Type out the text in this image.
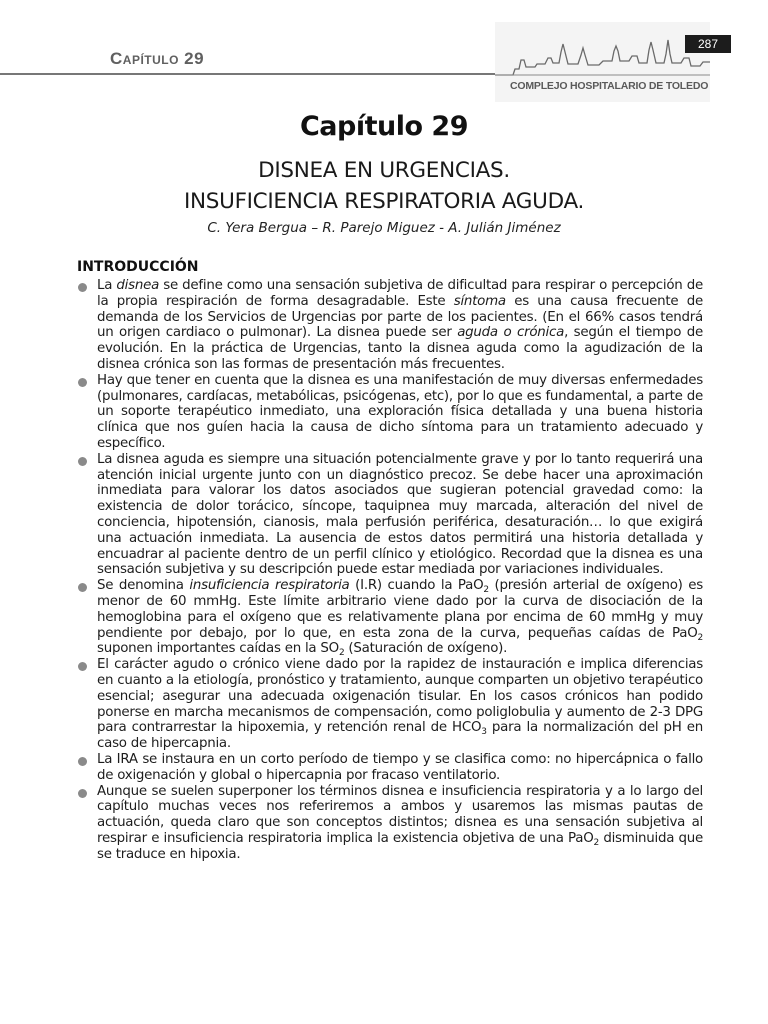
Capítulo 29
287
COMPLEJO HOSPITALARIO DE TOLEDO
Capítulo 29
DISNEA EN URGENCIAS.
INSUFICIENCIA RESPIRATORIA AGUDA.
C. Yera Bergua – R. Parejo Miguez - A. Julián Jiménez
INTRODUCCIÓN
La disnea se define como una sensación subjetiva de dificultad para respirar o percepción de la propia respiración de forma desagradable. Este síntoma es una causa frecuente de demanda de los Servicios de Urgencias por parte de los pacientes. (En el 66% casos tendrá un origen cardiaco o pulmonar). La disnea puede ser aguda o crónica, según el tiempo de evolución. En la práctica de Urgencias, tanto la disnea aguda como la agudización de la disnea crónica son las formas de presentación más frecuentes.
Hay que tener en cuenta que la disnea es una manifestación de muy diversas enfermedades (pulmonares, cardíacas, metabólicas, psicógenas, etc), por lo que es fundamental, a parte de un soporte terapéutico inmediato, una exploración física detallada y una buena historia clínica que nos guíen hacia la causa de dicho síntoma para un tratamiento adecuado y específico.
La disnea aguda es siempre una situación potencialmente grave y por lo tanto requerirá una atención inicial urgente junto con un diagnóstico precoz. Se debe hacer una aproximación inmediata para valorar los datos asociados que sugieran potencial gravedad como: la existencia de dolor torácico, síncope, taquipnea muy marcada, alteración del nivel de conciencia, hipotensión, cianosis, mala perfusión periférica, desaturación… lo que exigirá una actuación inmediata. La ausencia de estos datos permitirá una historia detallada y encuadrar al paciente dentro de un perfil clínico y etiológico. Recordad que la disnea es una sensación subjetiva y su descripción puede estar mediada por variaciones individuales.
Se denomina insuficiencia respiratoria (I.R) cuando la PaO$_2$ (presión arterial de oxígeno) es menor de 60 mmHg. Este límite arbitrario viene dado por la curva de disociación de la hemoglobina para el oxígeno que es relativamente plana por encima de 60 mmHg y muy pendiente por debajo, por lo que, en esta zona de la curva, pequeñas caídas de PaO$_2$ suponen importantes caídas en la $SO_2$ (Saturación de oxígeno).
El carácter agudo o crónico viene dado por la rapidez de instauración e implica diferencias en cuanto a la etiología, pronóstico y tratamiento, aunque comparten un objetivo terapéutico esencial; asegurar una adecuada oxigenación tisular. En los casos crónicos han podido ponerse en marcha mecanismos de compensación, como poliglobulia y aumento de 2-3 DPG para contrarrestar la hipoxemia, y retención renal de $HCO_3$ para la normalización del pH en caso de hipercapnia.
La IRA se instaura en un corto período de tiempo y se clasifica como: no hipercápnica o fallo de oxigenación y global o hipercapnia por fracaso ventilatorio.
Aunque se suelen superponer los términos disnea e insuficiencia respiratoria y a lo largo del capítulo muchas veces nos referiremos a ambos y usaremos las mismas pautas de actuación, queda claro que son conceptos distintos; disnea es una sensación subjetiva al respirar e insuficiencia respiratoria implica la existencia objetiva de una PaO$_2$ disminuida que se traduce en hipoxia.
